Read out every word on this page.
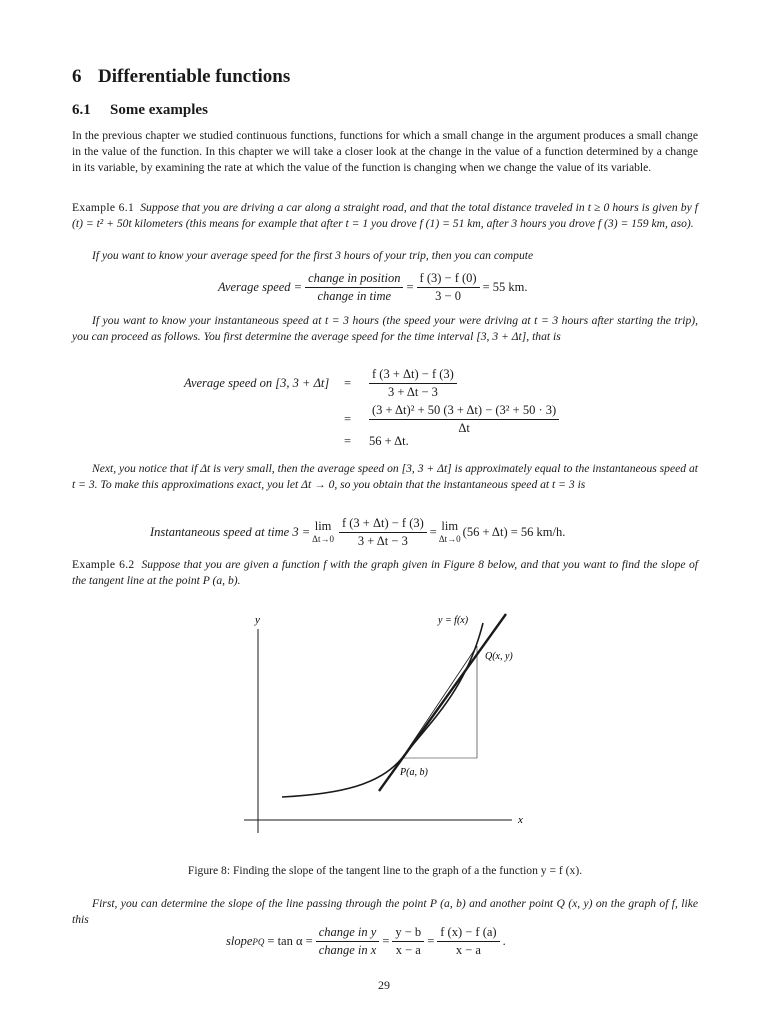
6 Differentiable functions
6.1 Some examples

In the previous chapter we studied continuous functions, functions for which a small change in the argument produces a small change in the value of the function. In this chapter we will take a closer look at the change in the value of a function determined by a change in its variable, by examining the rate at which the value of the function is changing when we change the value of its variable.

Example 6.1 Suppose that you are driving a car along a straight road, and that the total distance traveled in t ≥ 0 hours is given by f (t) = t² + 50t kilometers (this means for example that after t = 1 you drove f (1) = 51 km, after 3 hours you drove f (3) = 159 km, aso).

If you want to know your average speed for the first 3 hours of your trip, then you can compute

Average speed = $\frac{\text{change in position}}{\text{change in time}} = \frac{f (3) - f (0)}{3 - 0} = 55$ km.

If you want to know your instantaneous speed at t = 3 hours (the speed your were driving at t = 3 hours after starting the trip), you can proceed as follows. You first determine the average speed for the time interval [3, 3 + Δt], that is

Average speed on [3, 3 + Δt]	=	$\frac{f (3 + \Delta t) - f (3)}{3 + \Delta t - 3}$
=	$\frac{\text{(3 + Δt)² + 50 (3 + Δt) − (3² + 50 · 3)}}{\Delta t}$
=	56 + Δt.

Next, you notice that if Δt is very small, then the average speed on [3, 3 + Δt] is approximately equal to the instantaneous speed at t = 3. To make this approximations exact, you let Δt → 0, so you obtain that the instantaneous speed at t = 3 is

Instantaneous speed at time 3 = lim
$\Delta t\to 0 \frac{f (3 + \Delta t) - f (3)}{3 + \Delta t - 3} = \lim$
Δt→0 (56 + Δt) = 56 km/h.

Example 6.2 Suppose that you are given a function f with the graph given in Figure 8 below, and that you want to find the slope of the tangent line at the point P (a, b).

y
x
y = f(x)
Q(x, y)
P(a, b)
Figure 8: Finding the slope of the tangent line to the graph of a the function y = f (x).

First, you can determine the slope of the line passing through the point P (a, b) and another point Q (x, y) on the graph of f, like this

slope PQ = $\tan \alpha = \frac{\text{change in y}}{\text{change in x}} = \frac{y - b}{x - a} = \frac{f (x) - f (a)}{x - a}$ .
29
